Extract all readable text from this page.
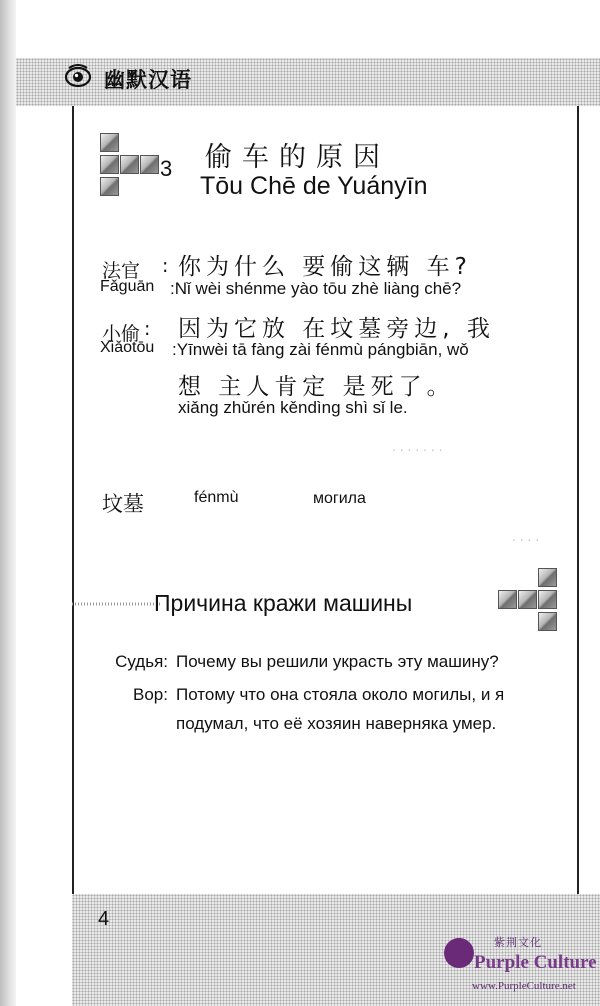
幽默汉语
3 偷车的原因
Tōu Chē de Yuányīn
法官
Fǎguān
: 你为什么 要偷这辆 车?
:Nǐ wèi shénme yào tōu zhè liàng chē?
小偷
Xiǎotōu
: 因为它放 在坟墓旁边, 我
:Yīnwèi tā fàng zài fénmù pángbiān, wǒ
想 主人肯定 是死了。
xiǎng zhǔrén kěndìng shì sǐ le.
. . . . . . .
. . . .
坟墓	fénmù	могила
Причина кражи машины
Судья: Почему вы решили украсть эту машину?
Вор: Потому что она стояла около могилы, и я подумал, что её хозяин наверняка умер.
4
紫荆文化
Purple Culture
www.PurpleCulture.net
